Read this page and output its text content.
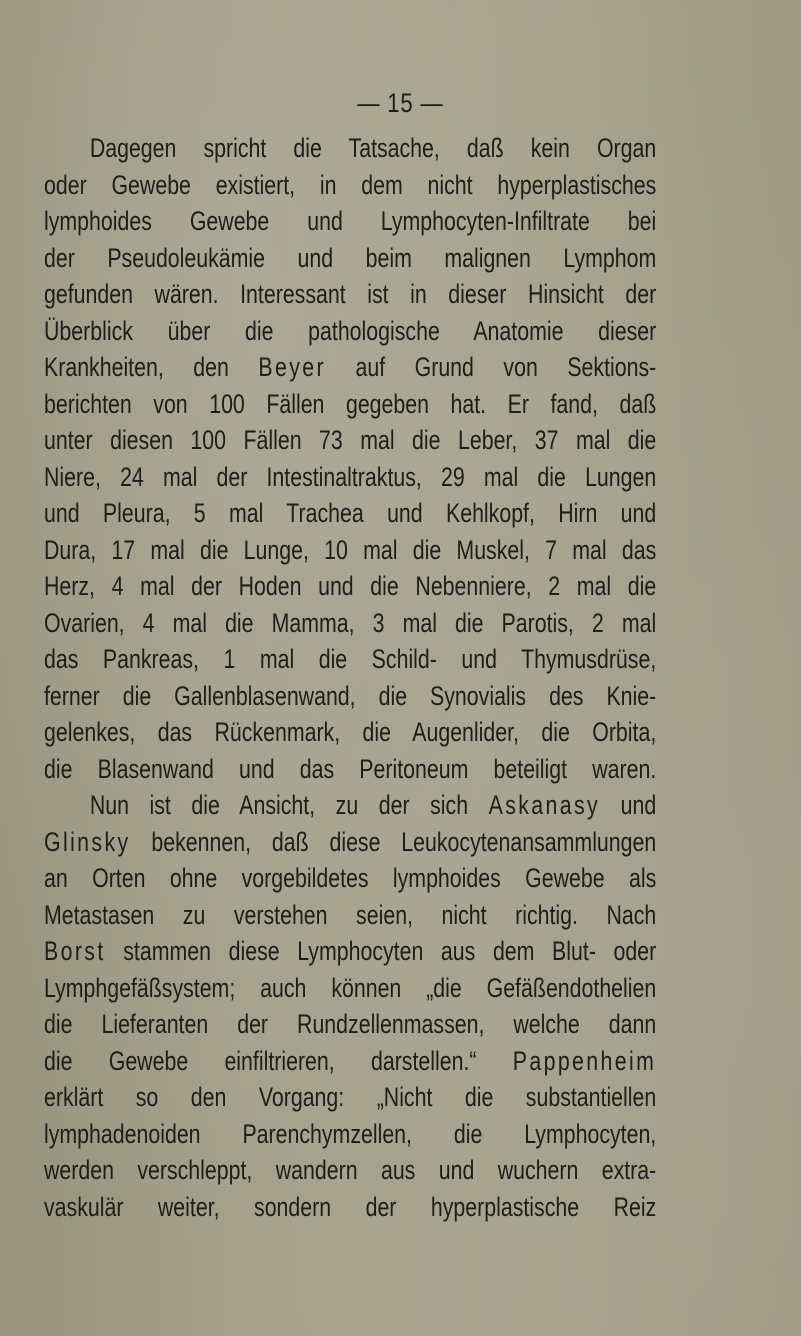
— 15 —
Dagegen spricht die Tatsache, daß kein Organ
oder Gewebe existiert, in dem nicht hyperplastisches
lymphoides Gewebe und Lymphocyten-Infiltrate bei
der Pseudoleukämie und beim malignen Lymphom
gefunden wären. Interessant ist in dieser Hinsicht der
Überblick über die pathologische Anatomie dieser
Krankheiten, den Beyer auf Grund von Sektions-
berichten von 100 Fällen gegeben hat. Er fand, daß
unter diesen 100 Fällen 73 mal die Leber, 37 mal die
Niere, 24 mal der Intestinaltraktus, 29 mal die Lungen
und Pleura, 5 mal Trachea und Kehlkopf, Hirn und
Dura, 17 mal die Lunge, 10 mal die Muskel, 7 mal das
Herz, 4 mal der Hoden und die Nebenniere, 2 mal die
Ovarien, 4 mal die Mamma, 3 mal die Parotis, 2 mal
das Pankreas, 1 mal die Schild- und Thymusdrüse,
ferner die Gallenblasenwand, die Synovialis des Knie-
gelenkes, das Rückenmark, die Augenlider, die Orbita,
die Blasenwand und das Peritoneum beteiligt waren.
Nun ist die Ansicht, zu der sich Askanasy und
Glinsky bekennen, daß diese Leukocytenansammlungen
an Orten ohne vorgebildetes lymphoides Gewebe als
Metastasen zu verstehen seien, nicht richtig. Nach
Borst stammen diese Lymphocyten aus dem Blut- oder
Lymphgefäßsystem; auch können „die Gefäßendothelien
die Lieferanten der Rundzellenmassen, welche dann
die Gewebe einfiltrieren, darstellen.“ Pappenheim
erklärt so den Vorgang: „Nicht die substantiellen
lymphadenoiden Parenchymzellen, die Lymphocyten,
werden verschleppt, wandern aus und wuchern extra-
vaskulär weiter, sondern der hyperplastische Reiz
